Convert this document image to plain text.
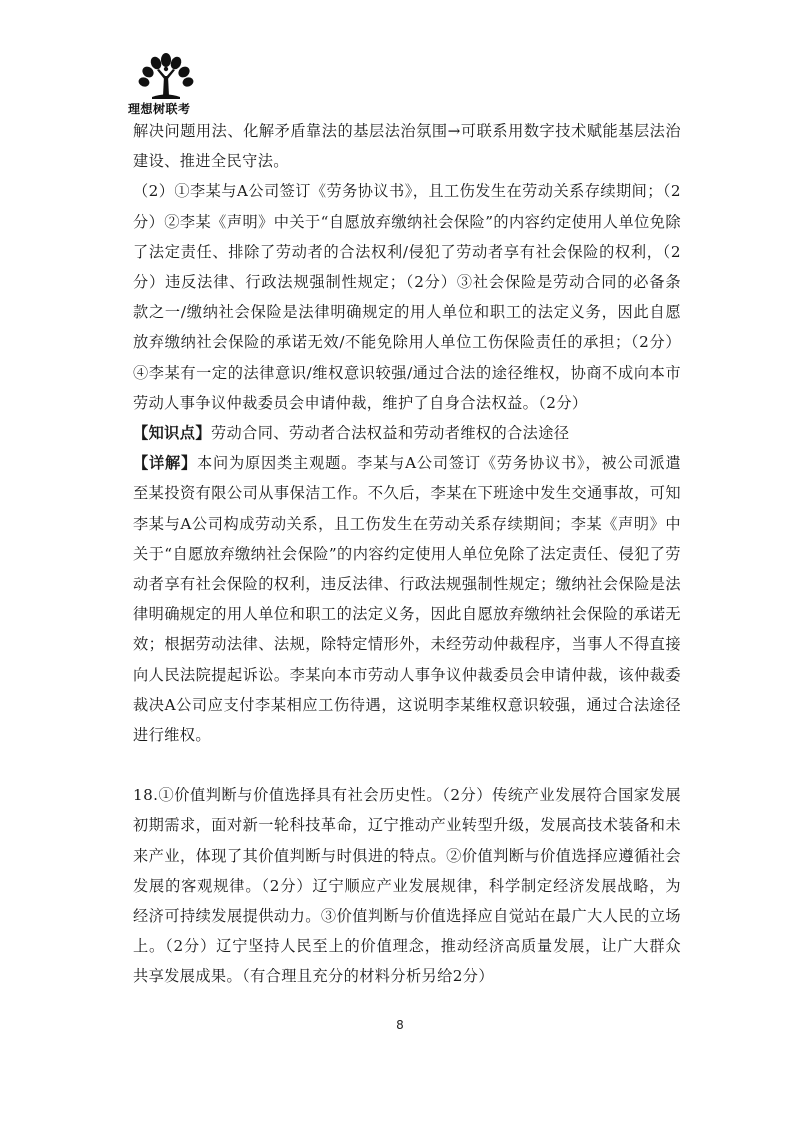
理想树联考

解决问题用法、化解矛盾靠法的基层法治氛围→可联系用数字技术赋能基层法治建设、推进全民守法。

（2）①李某与A公司签订《劳务协议书》，且工伤发生在劳动关系存续期间；（2分）②李某《声明》中关于“自愿放弃缴纳社会保险”的内容约定使用人单位免除了法定责任、排除了劳动者的合法权利/侵犯了劳动者享有社会保险的权利，（2分）违反法律、行政法规强制性规定；（2分）③社会保险是劳动合同的必备条款之一/缴纳社会保险是法律明确规定的用人单位和职工的法定义务，因此自愿放弃缴纳社会保险的承诺无效/不能免除用人单位工伤保险责任的承担；（2分）④李某有一定的法律意识/维权意识较强/通过合法的途径维权，协商不成向本市劳动人事争议仲裁委员会申请仲裁，维护了自身合法权益。（2分）

【知识点】劳动合同、劳动者合法权益和劳动者维权的合法途径

【详解】本问为原因类主观题。李某与A公司签订《劳务协议书》，被公司派遣至某投资有限公司从事保洁工作。不久后，李某在下班途中发生交通事故，可知李某与A公司构成劳动关系，且工伤发生在劳动关系存续期间；李某《声明》中关于“自愿放弃缴纳社会保险”的内容约定使用人单位免除了法定责任、侵犯了劳动者享有社会保险的权利，违反法律、行政法规强制性规定；缴纳社会保险是法律明确规定的用人单位和职工的法定义务，因此自愿放弃缴纳社会保险的承诺无效；根据劳动法律、法规，除特定情形外，未经劳动仲裁程序，当事人不得直接向人民法院提起诉讼。李某向本市劳动人事争议仲裁委员会申请仲裁，该仲裁委裁决A公司应支付李某相应工伤待遇，这说明李某维权意识较强，通过合法途径进行维权。

18.①价值判断与价值选择具有社会历史性。（2分）传统产业发展符合国家发展初期需求，面对新一轮科技革命，辽宁推动产业转型升级，发展高技术装备和未来产业，体现了其价值判断与时俱进的特点。②价值判断与价值选择应遵循社会发展的客观规律。（2分）辽宁顺应产业发展规律，科学制定经济发展战略，为经济可持续发展提供动力。③价值判断与价值选择应自觉站在最广大人民的立场上。（2分）辽宁坚持人民至上的价值理念，推动经济高质量发展，让广大群众共享发展成果。（有合理且充分的材料分析另给2分）

8
